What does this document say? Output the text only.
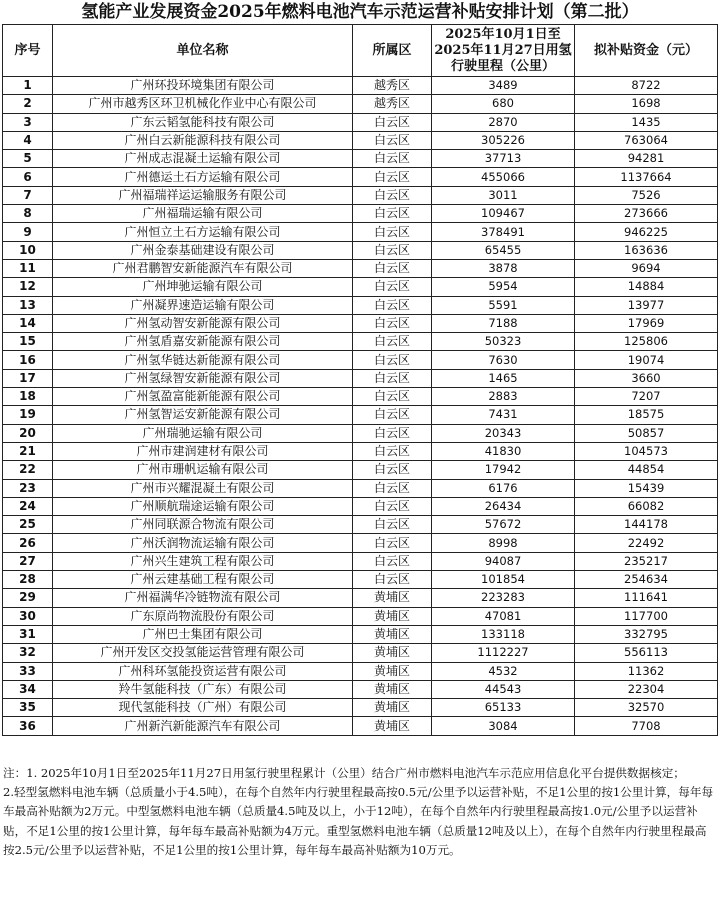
氢能产业发展资金2025年燃料电池汽车示范运营补贴安排计划（第二批）
序号	单位名称	所属区	2025年10月1日至2025年11月27日用氢行驶里程（公里）	拟补贴资金（元）
1	广州环投环境集团有限公司	越秀区	3489	8722
2	广州市越秀区环卫机械化作业中心有限公司	越秀区	680	1698
3	广东云韬氢能科技有限公司	白云区	2870	1435
4	广州白云新能源科技有限公司	白云区	305226	763064
5	广州成志混凝土运输有限公司	白云区	37713	94281
6	广州德运土石方运输有限公司	白云区	455066	1137664
7	广州福瑞祥运运输服务有限公司	白云区	3011	7526
8	广州福瑞运输有限公司	白云区	109467	273666
9	广州恒立土石方运输有限公司	白云区	378491	946225
10	广州金泰基础建设有限公司	白云区	65455	163636
11	广州君鹏智安新能源汽车有限公司	白云区	3878	9694
12	广州坤驰运输有限公司	白云区	5954	14884
13	广州凝界速造运输有限公司	白云区	5591	13977
14	广州氢动智安新能源有限公司	白云区	7188	17969
15	广州氢盾嘉安新能源有限公司	白云区	50323	125806
16	广州氢华链达新能源有限公司	白云区	7630	19074
17	广州氢绿智安新能源有限公司	白云区	1465	3660
18	广州氢盈富能新能源有限公司	白云区	2883	7207
19	广州氢智运安新能源有限公司	白云区	7431	18575
20	广州瑞驰运输有限公司	白云区	20343	50857
21	广州市建润建材有限公司	白云区	41830	104573
22	广州市珊帆运输有限公司	白云区	17942	44854
23	广州市兴耀混凝土有限公司	白云区	6176	15439
24	广州顺航瑞途运输有限公司	白云区	26434	66082
25	广州同联源合物流有限公司	白云区	57672	144178
26	广州沃润物流运输有限公司	白云区	8998	22492
27	广州兴生建筑工程有限公司	白云区	94087	235217
28	广州云建基础工程有限公司	白云区	101854	254634
29	广州福满华冷链物流有限公司	黄埔区	223283	111641
30	广东原尚物流股份有限公司	黄埔区	47081	117700
31	广州巴士集团有限公司	黄埔区	133118	332795
32	广州开发区交投氢能运营管理有限公司	黄埔区	1112227	556113
33	广州科环氢能投资运营有限公司	黄埔区	4532	11362
34	羚牛氢能科技（广东）有限公司	黄埔区	44543	22304
35	现代氢能科技（广州）有限公司	黄埔区	65133	32570
36	广州新汽新能源汽车有限公司	黄埔区	3084	7708

注：1. 2025年10月1日至2025年11月27日用氢行驶里程累计（公里）结合广州市燃料电池汽车示范应用信息化平台提供数据核定；

2.轻型氢燃料电池车辆（总质量小于4.5吨），在每个自然年内行驶里程最高按0.5元/公里予以运营补贴，不足1公里的按1公里计算，每年每车最高补贴额为2万元。中型氢燃料电池车辆（总质量4.5吨及以上，小于12吨），在每个自然年内行驶里程最高按1.0元/公里予以运营补贴，不足1公里的按1公里计算，每年每车最高补贴额为4万元。重型氢燃料电池车辆（总质量12吨及以上），在每个自然年内行驶里程最高按2.5元/公里予以运营补贴，不足1公里的按1公里计算，每年每车最高补贴额为10万元。
